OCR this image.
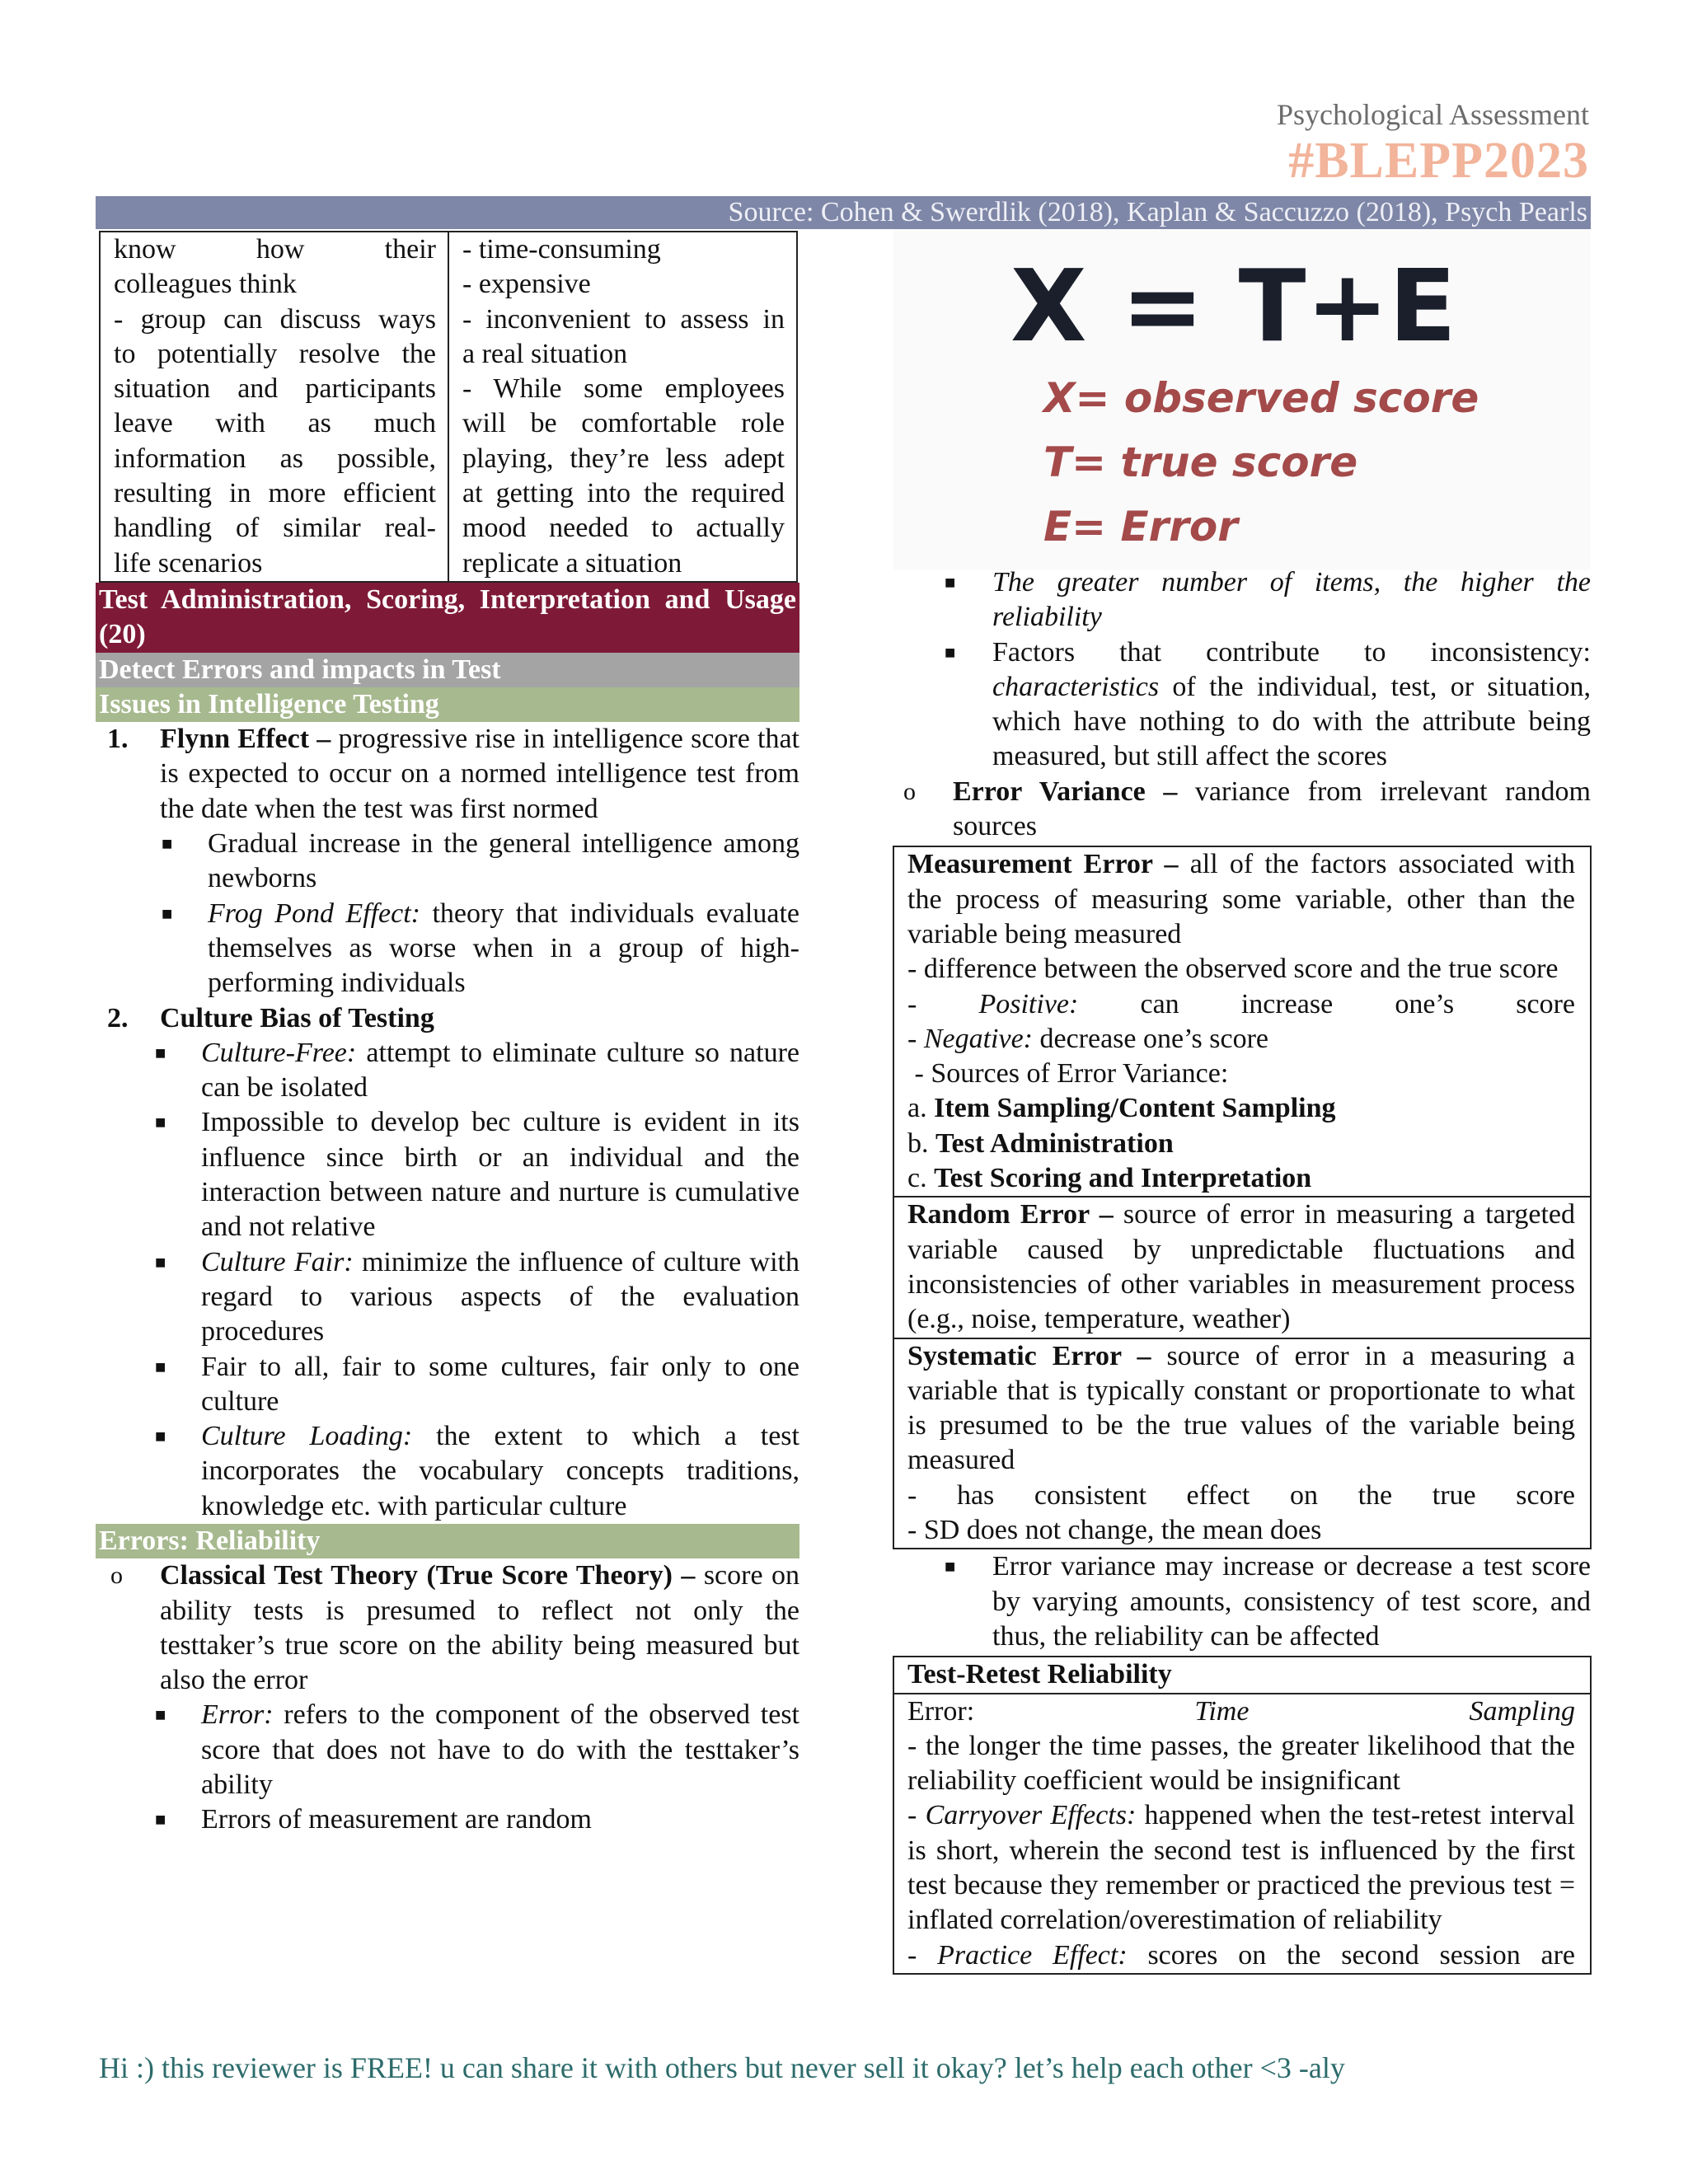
Psychological Assessment
#BLEPP2023
Source: Cohen & Swerdlik (2018), Kaplan & Saccuzzo (2018), Psych Pearls
know how their
colleagues think
- group can discuss ways
to potentially resolve the
situation and participants
leave with as much
information as possible,
resulting in more efficient
handling of similar real-
life scenarios

- time-consuming
- expensive
- inconvenient to assess in
a real situation
- While some employees
will be comfortable role
playing, they’re less adept
at getting into the required
mood needed to actually
replicate a situation
Test Administration, Scoring, Interpretation and Usage (20)
Detect Errors and impacts in Test
Issues in Intelligence Testing
1. Flynn Effect – progressive rise in intelligence score that is expected to occur on a normed intelligence test from the date when the test was first normed
■ Gradual increase in the general intelligence among newborns
■ Frog Pond Effect: theory that individuals evaluate themselves as worse when in a group of high-performing individuals
2. Culture Bias of Testing
■ Culture-Free: attempt to eliminate culture so nature can be isolated
■ Impossible to develop bec culture is evident in its influence since birth or an individual and the interaction between nature and nurture is cumulative and not relative
■ Culture Fair: minimize the influence of culture with regard to various aspects of the evaluation procedures
■ Fair to all, fair to some cultures, fair only to one culture
■ Culture Loading: the extent to which a test incorporates the vocabulary concepts traditions, knowledge etc. with particular culture
Errors: Reliability
o Classical Test Theory (True Score Theory) – score on ability tests is presumed to reflect not only the testtaker’s true score on the ability being measured but also the error
■ Error: refers to the component of the observed test score that does not have to do with the testtaker’s ability
■ Errors of measurement are random
X = T+E
X= observed score
T= true score
E= Error
■ The greater number of items, the higher the reliability
■ Factors that contribute to inconsistency: characteristics of the individual, test, or situation, which have nothing to do with the attribute being measured, but still affect the scores
o Error Variance – variance from irrelevant random sources
Measurement Error – all of the factors associated with the process of measuring some variable, other than the variable being measured
- difference between the observed score and the true score
- Positive: can increase one’s score
- Negative: decrease one’s score
- Sources of Error Variance:
a. Item Sampling/Content Sampling
b. Test Administration
c. Test Scoring and Interpretation

Random Error – source of error in measuring a targeted variable caused by unpredictable fluctuations and inconsistencies of other variables in measurement process (e.g., noise, temperature, weather)

Systematic Error – source of error in a measuring a variable that is typically constant or proportionate to what is presumed to be the true values of the variable being measured
- has consistent effect on the true score
- SD does not change, the mean does
■ Error variance may increase or decrease a test score by varying amounts, consistency of test score, and thus, the reliability can be affected
Test-Retest Reliability

Error: Time Sampling
- the longer the time passes, the greater likelihood that the reliability coefficient would be insignificant
- Carryover Effects: happened when the test-retest interval is short, wherein the second test is influenced by the first test because they remember or practiced the previous test = inflated correlation/overestimation of reliability
- Practice Effect: scores on the second session are
Hi :) this reviewer is FREE! u can share it with others but never sell it okay? let’s help each other <3 -aly
